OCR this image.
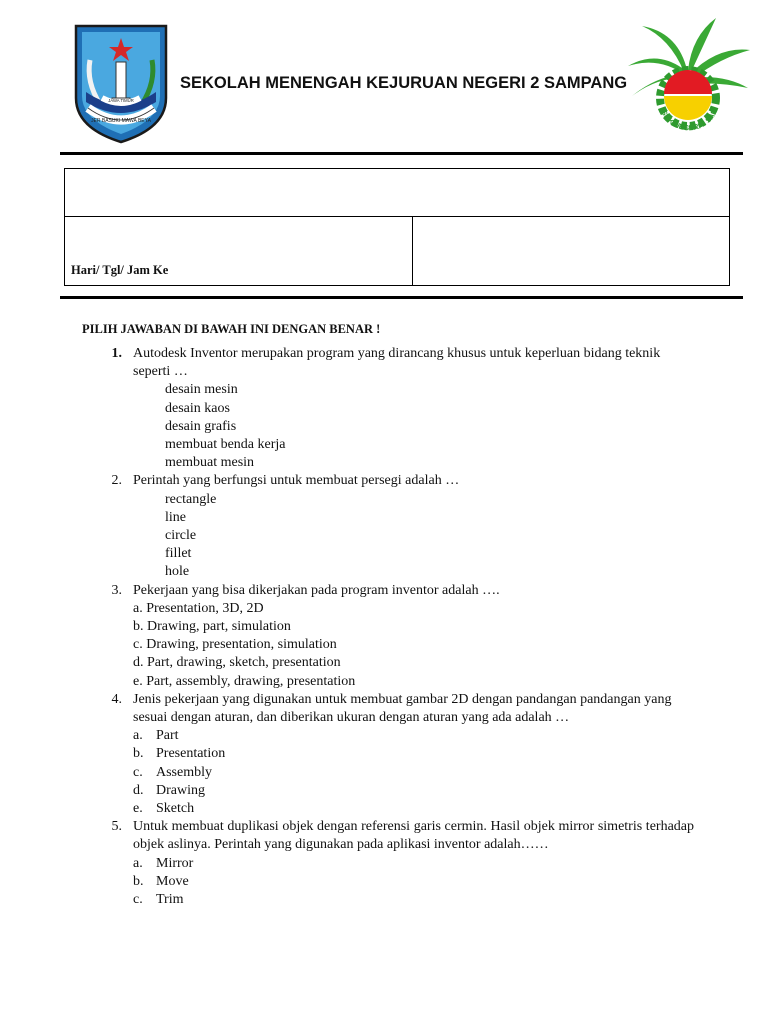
JAWA TIMUR
JER BASUKI MAWA BEYA
SEKOLAH MENENGAH KEJURUAN NEGERI 2 SAMPANG
SMK NEGERI 2 SAM
Hari/ Tgl/ Jam Ke
PILIH JAWABAN DI BAWAH INI DENGAN BENAR !
1. Autodesk Inventor merupakan program yang dirancang khusus untuk keperluan bidang teknik seperti …
desain mesin
desain kaos
desain grafis
membuat benda kerja
membuat mesin
2. Perintah yang berfungsi untuk membuat persegi adalah …
rectangle
line
circle
fillet
hole
3. Pekerjaan yang bisa dikerjakan pada program inventor adalah ….
a. Presentation, 3D, 2D
b. Drawing, part, simulation
c. Drawing, presentation, simulation
d. Part, drawing, sketch, presentation
e. Part, assembly, drawing, presentation
4. Jenis pekerjaan yang digunakan untuk membuat gambar 2D dengan pandangan pandangan yang sesuai dengan aturan, dan diberikan ukuran dengan aturan yang ada adalah …
a. Part
b. Presentation
c. Assembly
d. Drawing
e. Sketch
5. Untuk membuat duplikasi objek dengan referensi garis cermin. Hasil objek mirror simetris terhadap objek aslinya. Perintah yang digunakan pada aplikasi inventor adalah……
a. Mirror
b. Move
c. Trim
